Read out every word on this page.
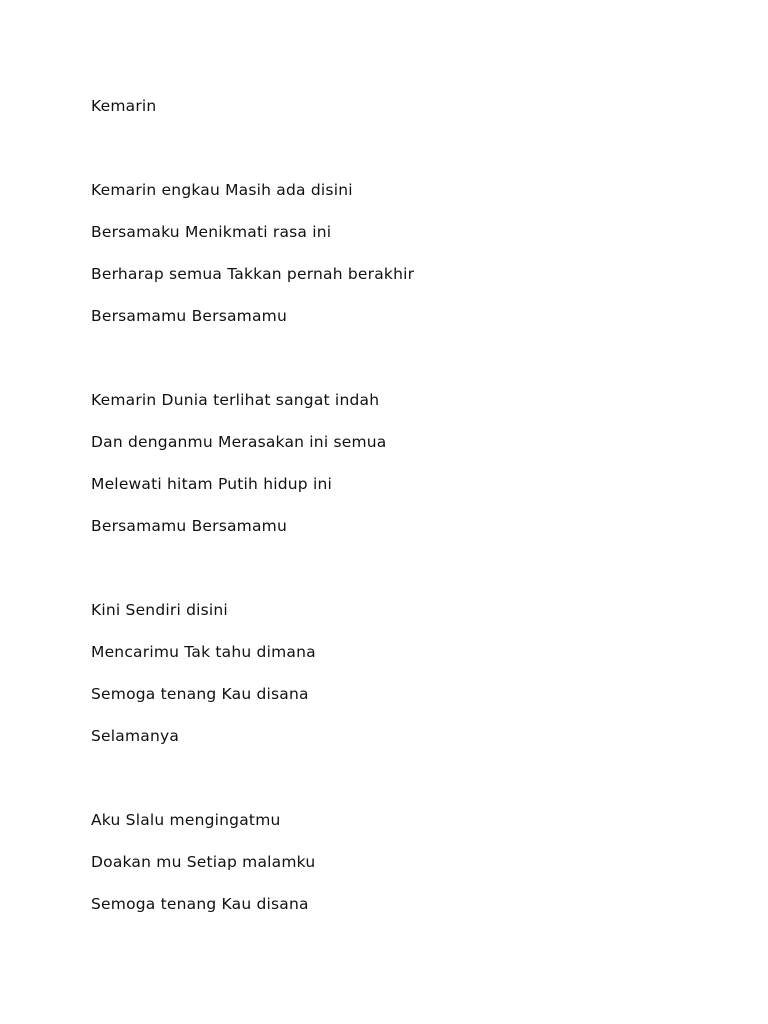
Kemarin
Kemarin engkau Masih ada disini
Bersamaku Menikmati rasa ini
Berharap semua Takkan pernah berakhir
Bersamamu Bersamamu
Kemarin Dunia terlihat sangat indah
Dan denganmu Merasakan ini semua
Melewati hitam Putih hidup ini
Bersamamu Bersamamu
Kini Sendiri disini
Mencarimu Tak tahu dimana
Semoga tenang Kau disana
Selamanya
Aku Slalu mengingatmu
Doakan mu Setiap malamku
Semoga tenang Kau disana
